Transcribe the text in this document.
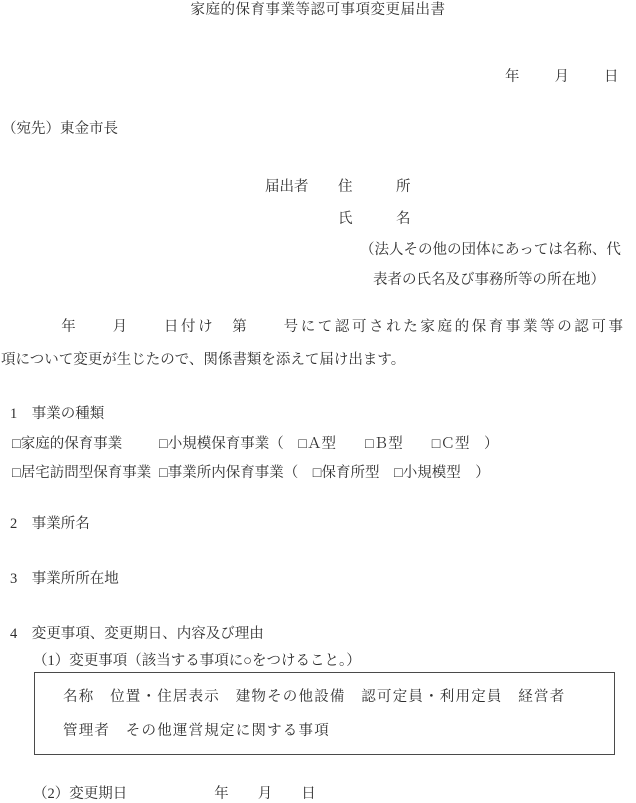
家庭的保育事業等認可事項変更届出書
年　　月　　日
（宛先）東金市長
届出者 住　　　所
氏　　　名
（法人その他の団体にあっては名称、代
表者の氏名及び事務所等の所在地）
　　　年　　月　　日付け　第　　号にて認可された家庭的保育事業等の認可事
項について変更が生じたので、関係書類を添えて届け出ます。
1　事業の種類
□家庭的保育事業	□小規模保育事業（　□Ａ型　　□Ｂ型　　□Ｃ型　）
□居宅訪問型保育事業 □事業所内保育事業（　□保育所型　□小規模型　）
2　事業所名
3　事業所所在地
4　変更事項、変更期日、内容及び理由
（1）変更事項（該当する事項に○をつけること。）
名称　位置・住居表示　建物その他設備　認可定員・利用定員　経営者
管理者　その他運営規定に関する事項
（2）変更期日　　　　　　年　　月　　日
